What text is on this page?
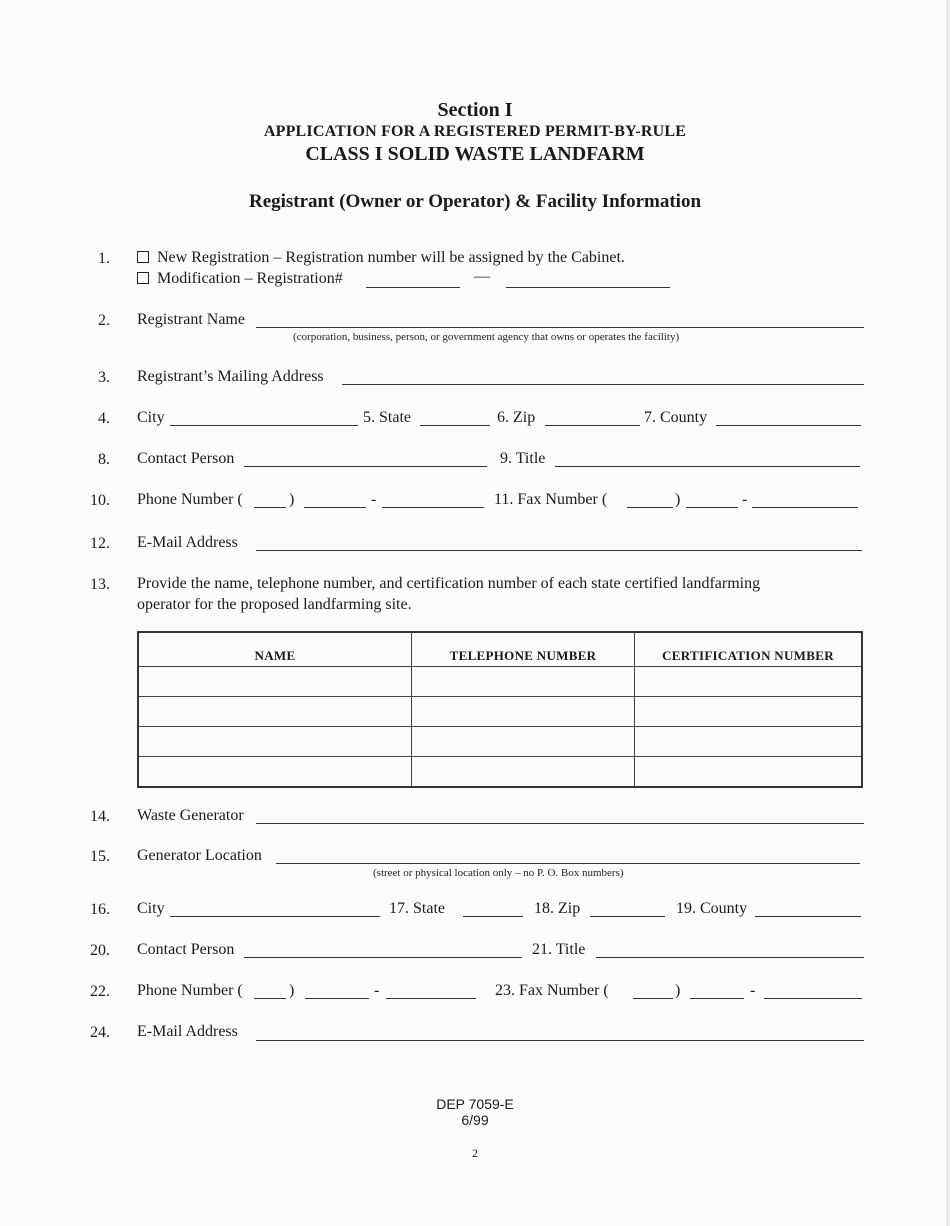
Section I
APPLICATION FOR A REGISTERED PERMIT-BY-RULE
CLASS I SOLID WASTE LANDFARM
Registrant (Owner or Operator) & Facility Information
1.	New Registration – Registration number will be assigned by the Cabinet.
Modification – Registration#	—
2. Registrant Name
(corporation, business, person, or government agency that owns or operates the facility)
3. Registrant’s Mailing Address
4. City	5. State	6. Zip	7. County
8. Contact Person	9. Title
10. Phone Number (	)	-	11. Fax Number (	)	-
12. E-Mail Address
13. Provide the name, telephone number, and certification number of each state certified landfarming
operator for the proposed landfarming site.
NAME	TELEPHONE NUMBER	CERTIFICATION NUMBER

14. Waste Generator
15. Generator Location
(street or physical location only – no P. O. Box numbers)
16. City	17. State	18. Zip	19. County
20. Contact Person	21. Title
22. Phone Number (	)	-	23. Fax Number (	)	-
24. E-Mail Address
DEP 7059-E
6/99
2
